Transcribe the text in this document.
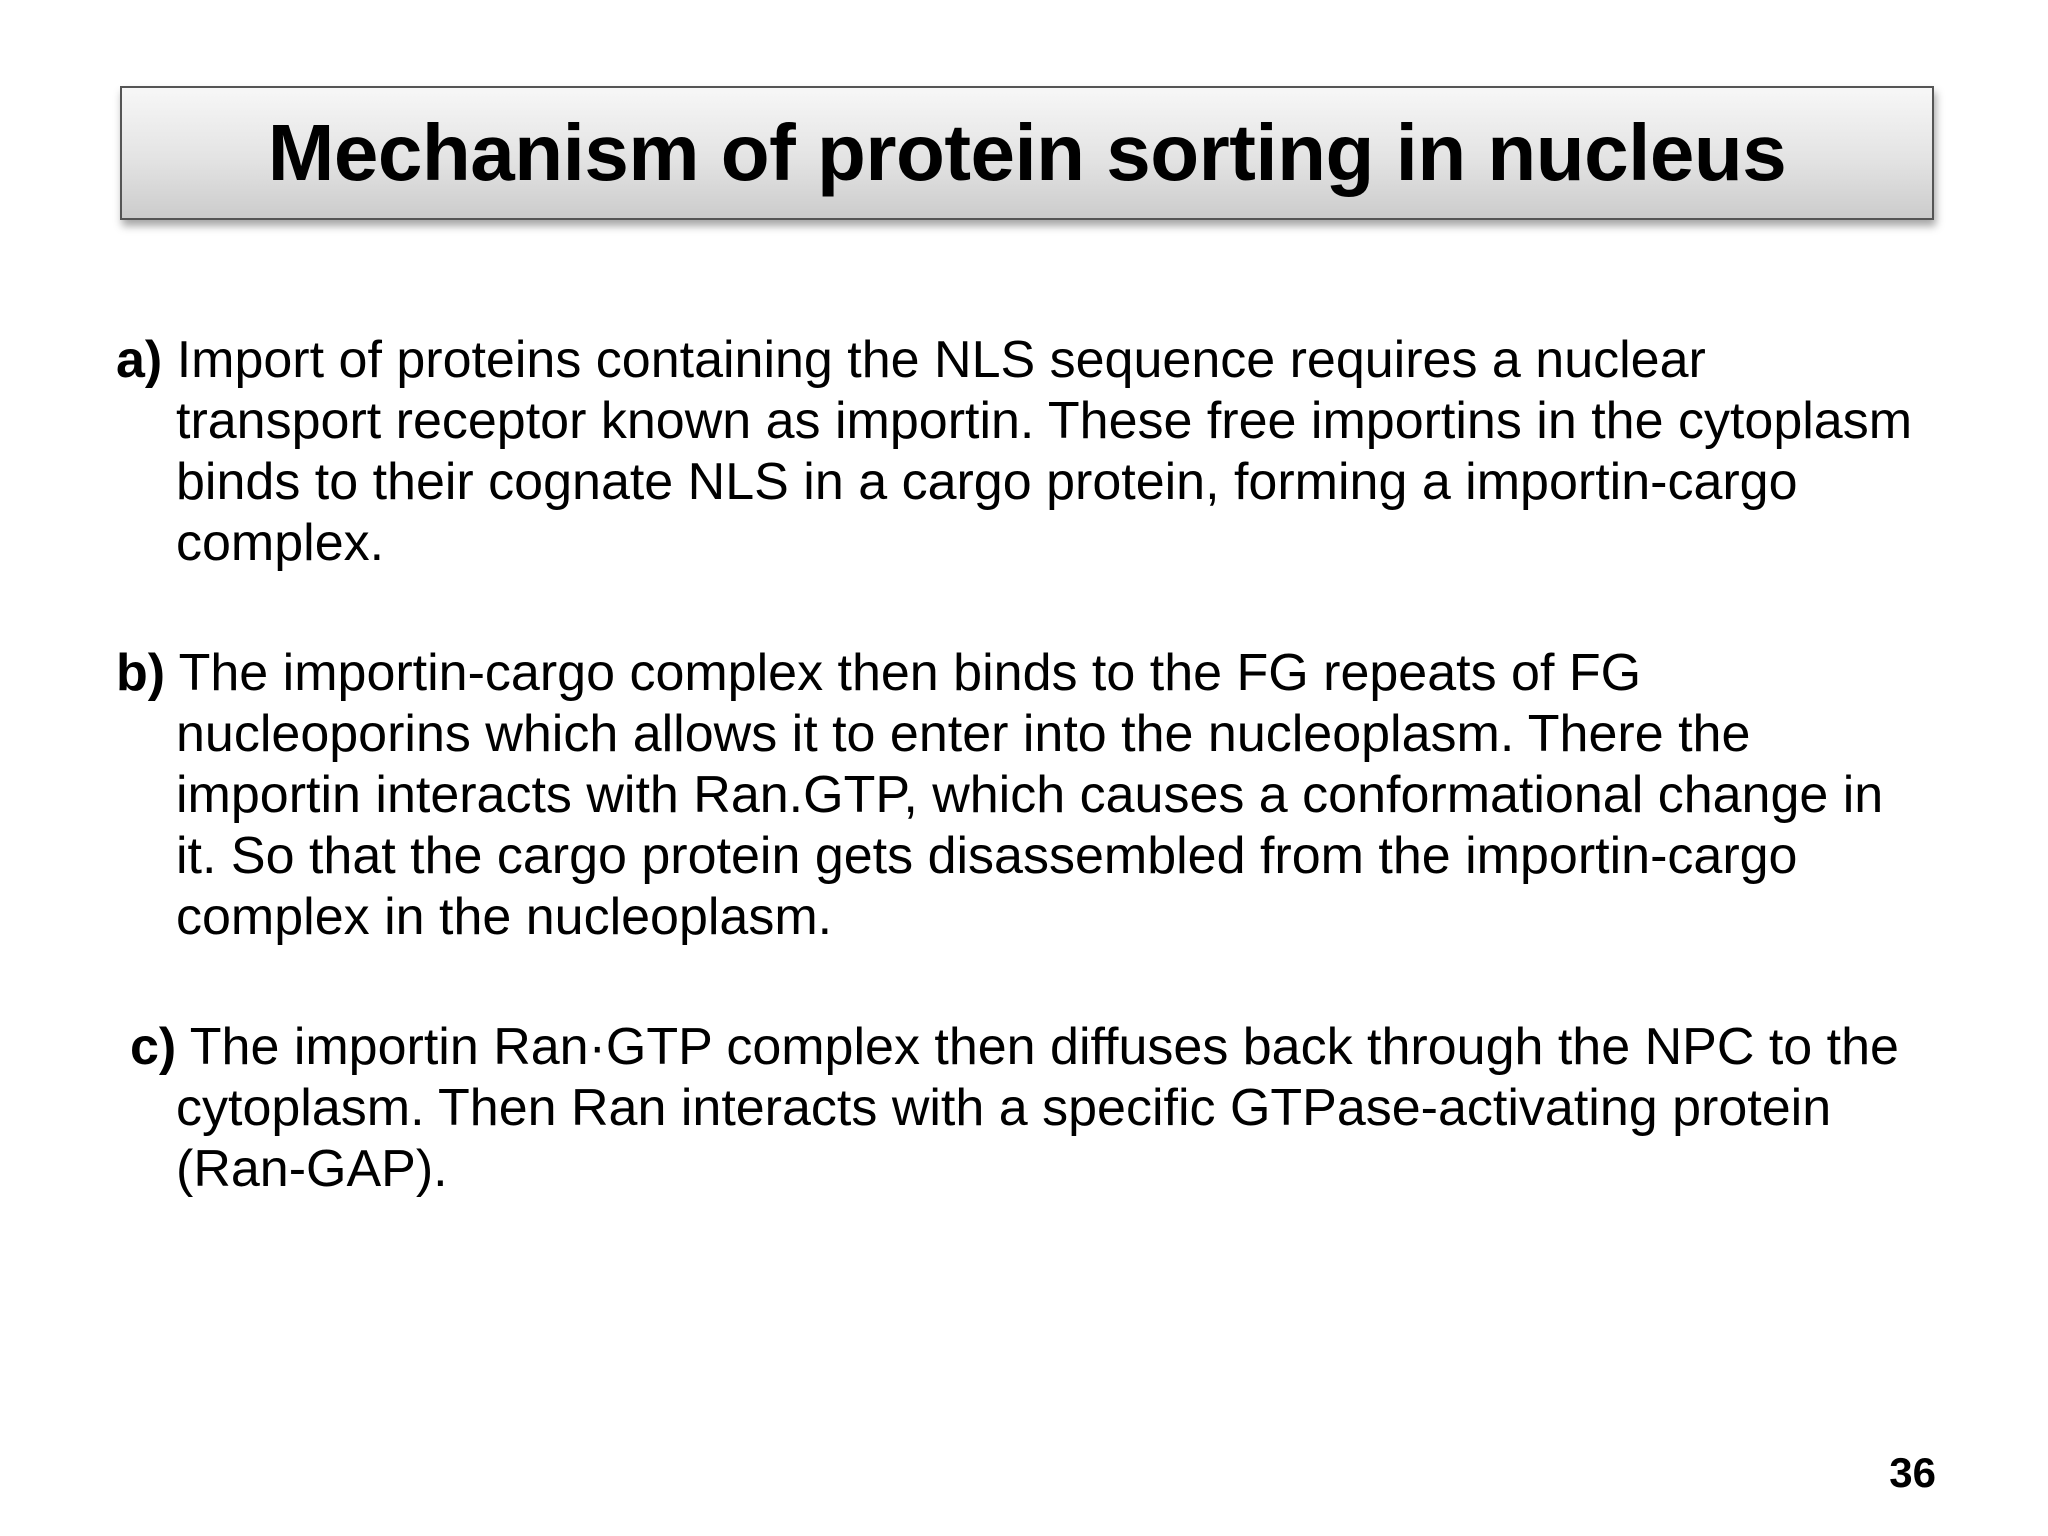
Mechanism of protein sorting in nucleus

a) Import of proteins containing the NLS sequence requires a nuclear transport receptor known as importin. These free importins in the cytoplasm binds to their cognate NLS in a cargo protein, forming a importin-cargo complex.

b) The importin-cargo complex then binds to the FG repeats of FG nucleoporins which allows it to enter into the nucleoplasm. There the importin interacts with Ran.GTP, which causes a conformational change in it. So that the cargo protein gets disassembled from the importin-cargo complex in the nucleoplasm.

c) The importin Ran·GTP complex then diffuses back through the NPC to the cytoplasm. Then Ran interacts with a specific GTPase-activating protein (Ran-GAP).

36
